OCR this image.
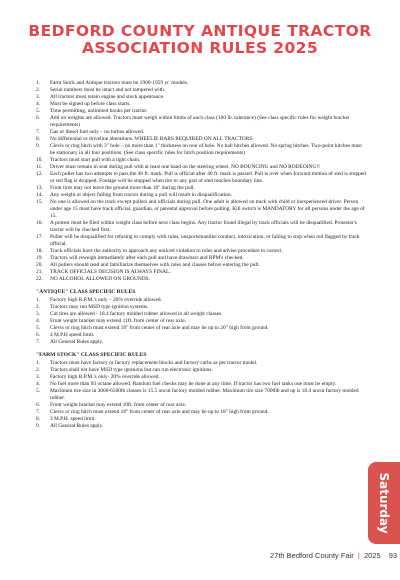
BEDFORD COUNTY ANTIQUE TRACTOR
ASSOCIATION RULES 2025
1.	Farm Stock and Antique tractors must be 1900-1959 yr. models.
2.	Serial numbers must be intact and not tampered with.
3.	All tractors must retain engine and stock appearance.
4.	Must be signed up before class starts.
5.	Time permitting, unlimited hooks per tractor.
6.	Add on weights are allowed. Tractors must weigh within limits of each class (100 lb. tolerance) (See class specific rules for weight bracket requirements)
7.	Gas or diesel fuel only – no turbos allowed.
8.	No differential or driveline alterations. WHEELIE BARS REQUIRED ON ALL TRACTORS.
9.	Clevis or ring hitch with 3" hole – no more than 1" thickness on rear of hole. No ball hitches allowed. No spring hitches. Two-point hitches must be stationary in all four positions. (See class specific rules for hitch position requirements)
10.	Tractors must start pull with a tight chain.
11.	Driver must remain in seat during pull with at least one hand on the steering wheel. NO BOUNCING and NO RODEOING!!
12.	Each puller has two attempts to pass the 40 ft. mark. Pull is official after 40 ft. mark is passed. Pull is over when forward motion of sled is stopped or red flag is dropped. Footage will be stopped when tire or any part of sled touches boundary line.
13.	Front tires may not leave the ground more than 18" during the pull.
14.	Any weight or object falling from tractor during a pull will result in disqualification.
15.	No one is allowed on the track except pullers and officials during pull. One adult is allowed on track with child or inexperienced driver. Person under age 15 must have track official, guardian, or parental approval before pulling. Kill switch is MANDATORY for all persons under the age of 15.
16.	A protest must be filed within weight class before next class begins. Any tractor found illegal by track officials will be disqualified. Protestor's tractor will be checked first.
17.	Puller will be disqualified for refusing to comply with rules, unsportsmanlike conduct, intoxication, or failing to stop when red flagged by track official.
18.	Track officials have the authority to approach any noticed violation to rules and advise procedure to correct.
19.	Tractors will reweigh immediately after each pull and have drawbars and RPM's checked.
20.	All pullers should read and familiarize themselves with rules and classes before entering the pull.
21.	TRACK OFFICIALS DECISION IS ALWAYS FINAL.
22.	NO ALCOHOL ALLOWED ON GROUNDS.
"ANTIQUE" CLASS SPECIFIC RULES
1.	Factory high R.P.M.'s only – 20% override allowed.
2.	Tractors may run MSD type ignition systems.
3.	Cut tires are allowed - 18.4 factory molded rubber allowed in all weight classes.
4.	Front weight bracket may extend 11ft. from center of rear axle.
5.	Clevis or ring hitch must extend 18" from center of rear axle and may be up to 20" high from ground.
6.	4 M.P.H speed limit.
7.	All General Rules apply.
"FARM STOCK" CLASS SPECIFIC RULES
1.	Tractors must have factory or factory replacement blocks and factory carbs as per tractor model.
2.	Tractors shall not have MSD type ignitions but can run electronic ignitions.
3.	Factory high R.P.M.'s only- 20% override allowed.
4.	No fuel more than 93 octane allowed. Random fuel checks may be done at any time. If tractor has two fuel tanks one must be empty.
5.	Maximum tire size in 3000-6500lb classes is 15.5 uncut factory molded rubber. Maximum tire size 7000lb and up is 18.4 uncut factory molded rubber.
6.	Front weight bracket may extend 10ft. from center of rear axle.
7.	Clevis or ring hitch must extend 18" from center of rear axle and may be up to 18" high from ground.
8.	3 M.P.H. speed limit.
9.	All General Rules apply.
Saturday
27th Bedford County Fair | 2025 93
